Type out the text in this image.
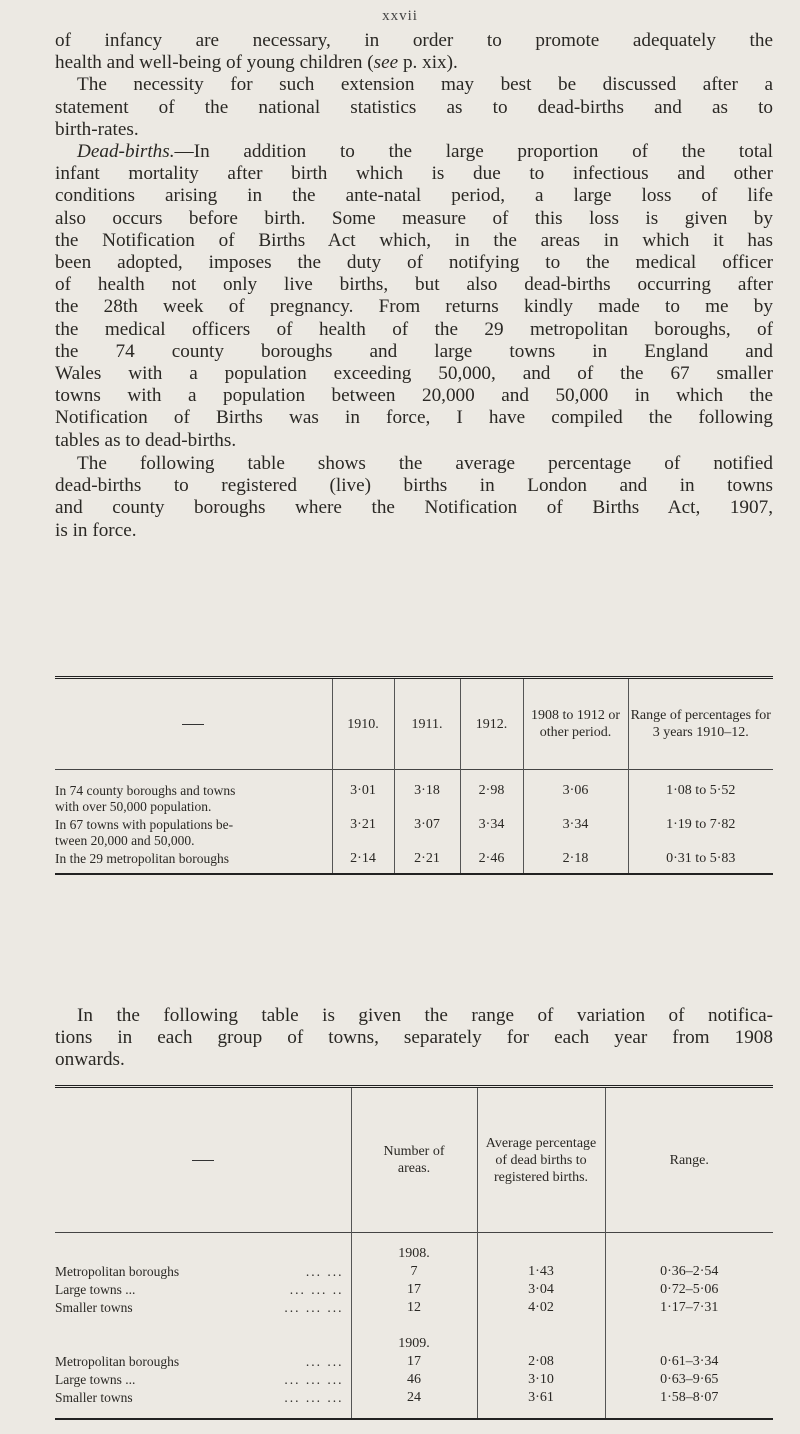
xxvii
of infancy are necessary, in order to promote adequately the
health and well-being of young children (see p. xix).
The necessity for such extension may best be discussed after a
statement of the national statistics as to dead-births and as to
birth-rates.
Dead-births.—In addition to the large proportion of the total
infant mortality after birth which is due to infectious and other
conditions arising in the ante-natal period, a large loss of life
also occurs before birth. Some measure of this loss is given by
the Notification of Births Act which, in the areas in which it has
been adopted, imposes the duty of notifying to the medical officer
of health not only live births, but also dead-births occurring after
the 28th week of pregnancy. From returns kindly made to me by
the medical officers of health of the 29 metropolitan boroughs, of
the 74 county boroughs and large towns in England and
Wales with a population exceeding 50,000, and of the 67 smaller
towns with a population between 20,000 and 50,000 in which the
Notification of Births was in force, I have compiled the following
tables as to dead-births.
The following table shows the average percentage of notified
dead-births to registered (live) births in London and in towns
and county boroughs where the Notification of Births Act, 1907,
is in force.
	1910.	1911.	1912.	1908 to 1912 or other period.	Range of percentages for 3 years 1910–12.

In 74 county boroughs and towns
with over 50,000 population.	3·01	3·18	2·98	3·06	1·08 to 5·52

In 67 towns with populations be-
tween 20,000 and 50,000.	3·21	3·07	3·34	3·34	1·19 to 7·82
In the 29 metropolitan boroughs	2·14	2·21	2·46	2·18	0·31 to 5·83
In the following table is given the range of variation of notifica-
tions in each group of towns, separately for each year from 1908
onwards.

	Number of areas.	Average percentage of dead births to registered births.	Range.

	1908.		
Metropolitan boroughs ... ...	7	1·43	0·36–2·54
Large towns ... ... ... ..	17	3·04	0·72–5·06
Smaller towns ... ... ...	12	4·02	1·17–7·31

	1909.		
Metropolitan boroughs ... ...	17	2·08	0·61–3·34
Large towns ... ... ... ...	46	3·10	0·63–9·65
Smaller towns ... ... ...	24	3·61	1·58–8·07
